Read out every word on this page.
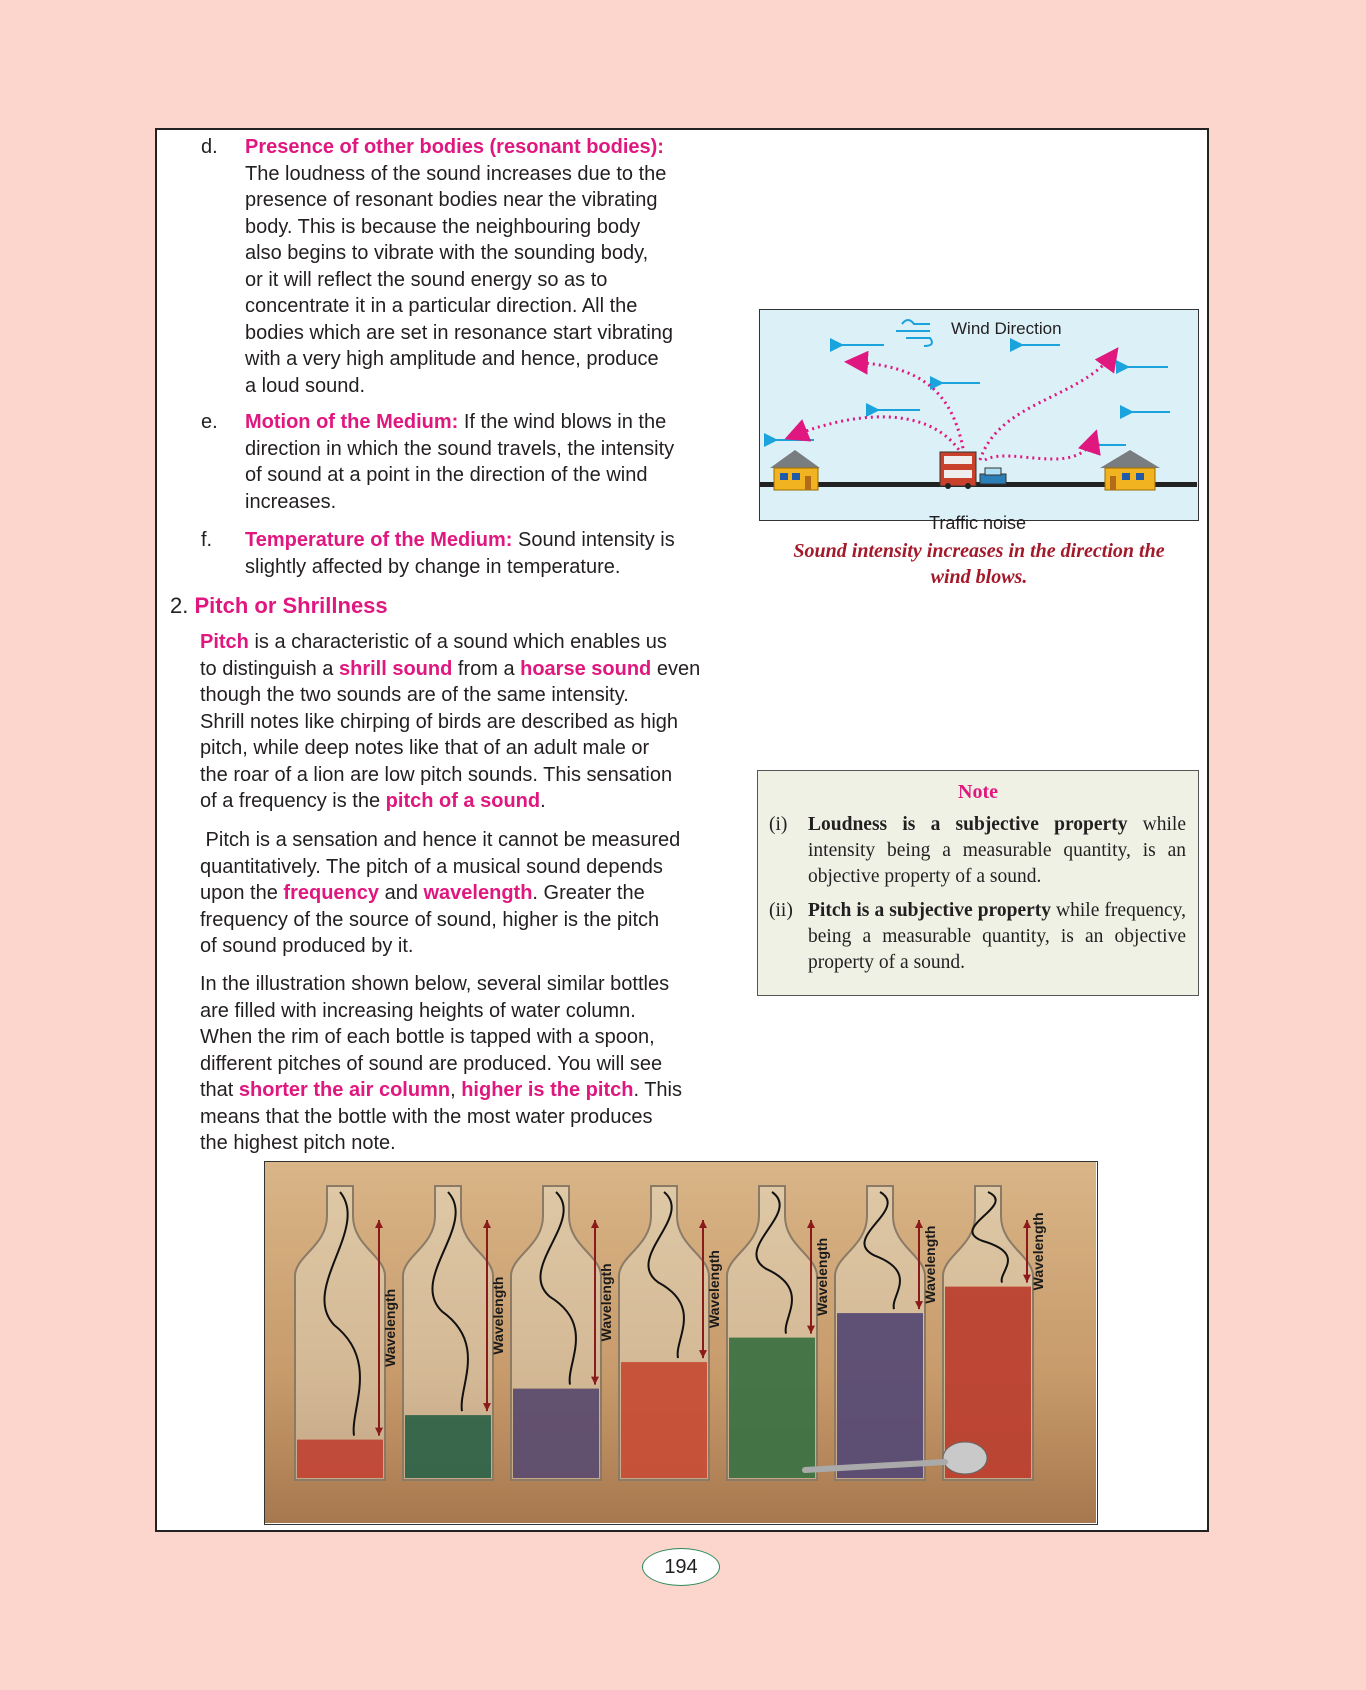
d. Presence of other bodies (resonant bodies):

The loudness of the sound increases due to the

presence of resonant bodies near the vibrating

body. This is because the neighbouring body

also begins to vibrate with the sounding body,

or it will reflect the sound energy so as to

concentrate it in a particular direction. All the

bodies which are set in resonance start vibrating

with a very high amplitude and hence, produce

a loud sound.

e. Motion of the Medium: If the wind blows in the

direction in which the sound travels, the intensity

of sound at a point in the direction of the wind

increases.

f. Temperature of the Medium: Sound intensity is

slightly affected by change in temperature.

2. Pitch or Shrillness

Pitch is a characteristic of a sound which enables us

to distinguish a shrill sound from a hoarse sound even

though the two sounds are of the same intensity.

Shrill notes like chirping of birds are described as high

pitch, while deep notes like that of an adult male or

the roar of a lion are low pitch sounds. This sensation

of a frequency is the pitch of a sound.

Pitch is a sensation and hence it cannot be measured

quantitatively. The pitch of a musical sound depends

upon the frequency and wavelength. Greater the

frequency of the source of sound, higher is the pitch

of sound produced by it.

In the illustration shown below, several similar bottles

are filled with increasing heights of water column.

When the rim of each bottle is tapped with a spoon,

different pitches of sound are produced. You will see

that shorter the air column, higher is the pitch. This

means that the bottle with the most water produces

the highest pitch note.

Wind Direction
Traffic noise
Sound intensity increases in the direction the
wind blows.
Note
(i) Loudness is a subjective property while intensity being a measurable quantity, is an objective property of a sound.
(ii) Pitch is a subjective property while frequency, being a measurable quantity, is an objective property of a sound.
Wavelength	Wavelength	Wavelength	Wavelength	Wavelength	Wavelength	Wavelength
194
